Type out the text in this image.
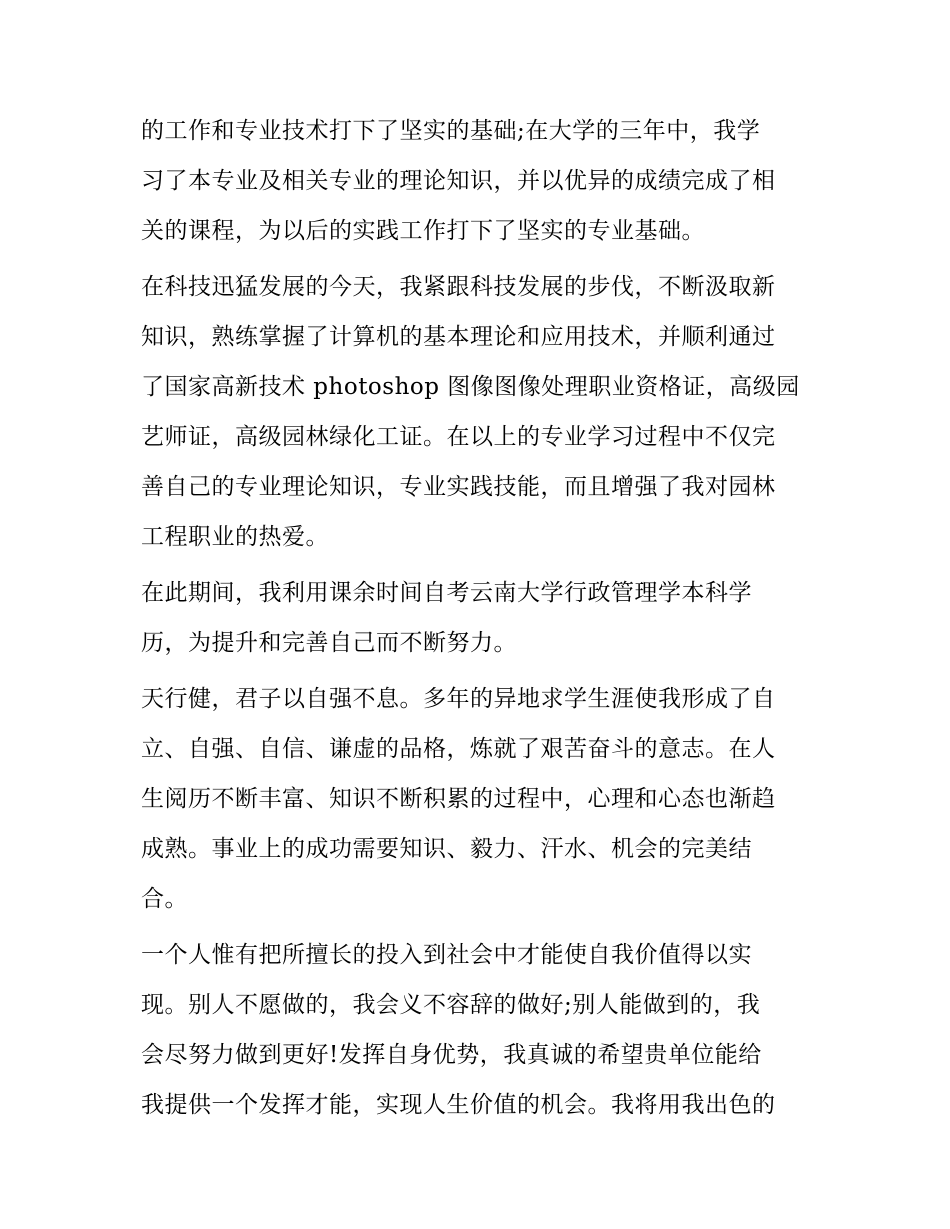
的工作和专业技术打下了坚实的基础;在大学的三年中，我学
习了本专业及相关专业的理论知识，并以优异的成绩完成了相
关的课程，为以后的实践工作打下了坚实的专业基础。
在科技迅猛发展的今天，我紧跟科技发展的步伐，不断汲取新
知识，熟练掌握了计算机的基本理论和应用技术，并顺利通过
了国家高新技术 photoshop 图像图像处理职业资格证，高级园
艺师证，高级园林绿化工证。在以上的专业学习过程中不仅完
善自己的专业理论知识，专业实践技能，而且增强了我对园林
工程职业的热爱。
在此期间，我利用课余时间自考云南大学行政管理学本科学
历，为提升和完善自己而不断努力。
天行健，君子以自强不息。多年的异地求学生涯使我形成了自
立、自强、自信、谦虚的品格，炼就了艰苦奋斗的意志。在人
生阅历不断丰富、知识不断积累的过程中，心理和心态也渐趋
成熟。事业上的成功需要知识、毅力、汗水、机会的完美结
合。
一个人惟有把所擅长的投入到社会中才能使自我价值得以实
现。别人不愿做的，我会义不容辞的做好;别人能做到的，我
会尽努力做到更好!发挥自身优势，我真诚的希望贵单位能给
我提供一个发挥才能，实现人生价值的机会。我将用我出色的
